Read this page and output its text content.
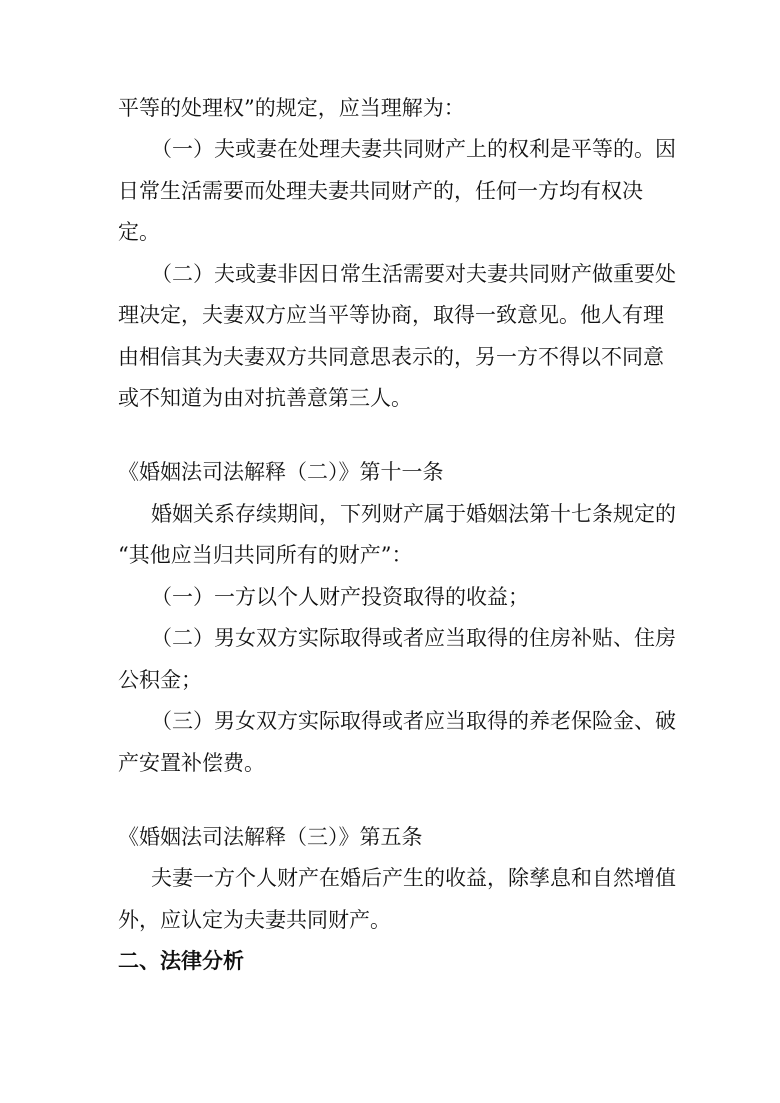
平等的处理权”的规定，应当理解为：
（一）夫或妻在处理夫妻共同财产上的权利是平等的。因
日常生活需要而处理夫妻共同财产的，任何一方均有权决
定。
（二）夫或妻非因日常生活需要对夫妻共同财产做重要处
理决定，夫妻双方应当平等协商，取得一致意见。他人有理
由相信其为夫妻双方共同意思表示的，另一方不得以不同意
或不知道为由对抗善意第三人。
《婚姻法司法解释（二）》第十一条
婚姻关系存续期间，下列财产属于婚姻法第十七条规定的
“其他应当归共同所有的财产”：
（一）一方以个人财产投资取得的收益；
（二）男女双方实际取得或者应当取得的住房补贴、住房
公积金；
（三）男女双方实际取得或者应当取得的养老保险金、破
产安置补偿费。
《婚姻法司法解释（三）》第五条
夫妻一方个人财产在婚后产生的收益，除孳息和自然增值
外，应认定为夫妻共同财产。
二、法律分析
